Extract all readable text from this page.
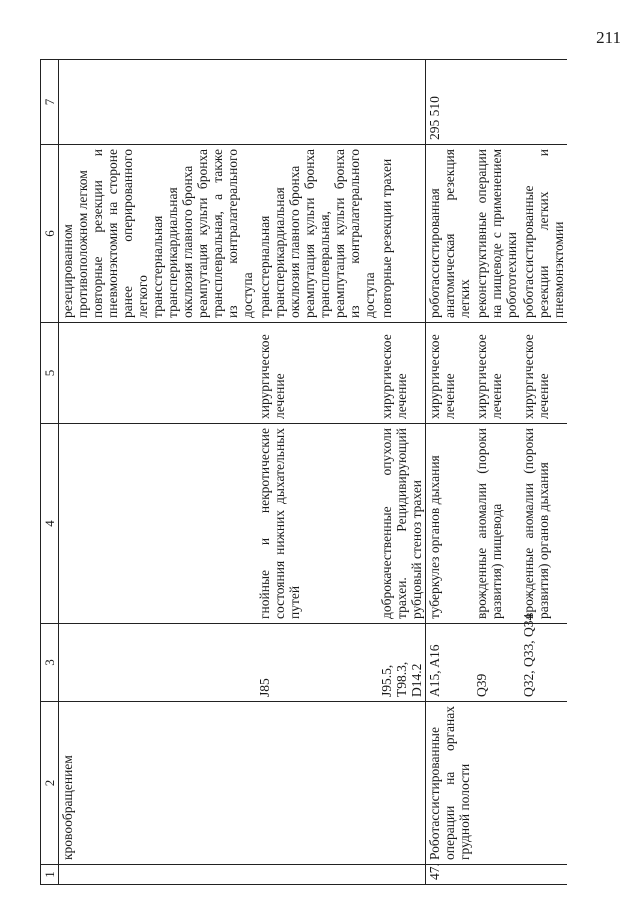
211
1	2	3	4	5	6	7
	кровообращением				резецированном противоположном легком
повторные резекции и пневмонэктомия на стороне ранее оперированного легкого
трансстернальная трансперикардиальная окклюзия главного бронха
реампутация культи бронха трансплевральная, а также из контралатерального доступа	
		J85	гнойные и некротические состояния нижних дыхательных путей	хирургическое лечение	трансстернальная трансперикардиальная окклюзия главного бронха
реампутация культи бронха трансплевральная, реампутация культи бронха из контралатерального доступа	
		J95.5, T98.3, D14.2	доброкачественные опухоли трахеи. Рецидивирующий рубцовый стеноз трахеи	хирургическое лечение	повторные резекции трахеи	
47.	Роботассистированные операции на органах грудной полости	A15, A16	туберкулез органов дыхания	хирургическое лечение	роботассистированная анатомическая резекция легких	295 510
		Q39	врожденные аномалии (пороки развития) пищевода	хирургическое лечение	реконструктивные операции на пищеводе с применением робототехники	
		Q32, Q33, Q34	врожденные аномалии (пороки развития) органов дыхания	хирургическое лечение	роботассистированные резекции легких и пневмонэктомии	
